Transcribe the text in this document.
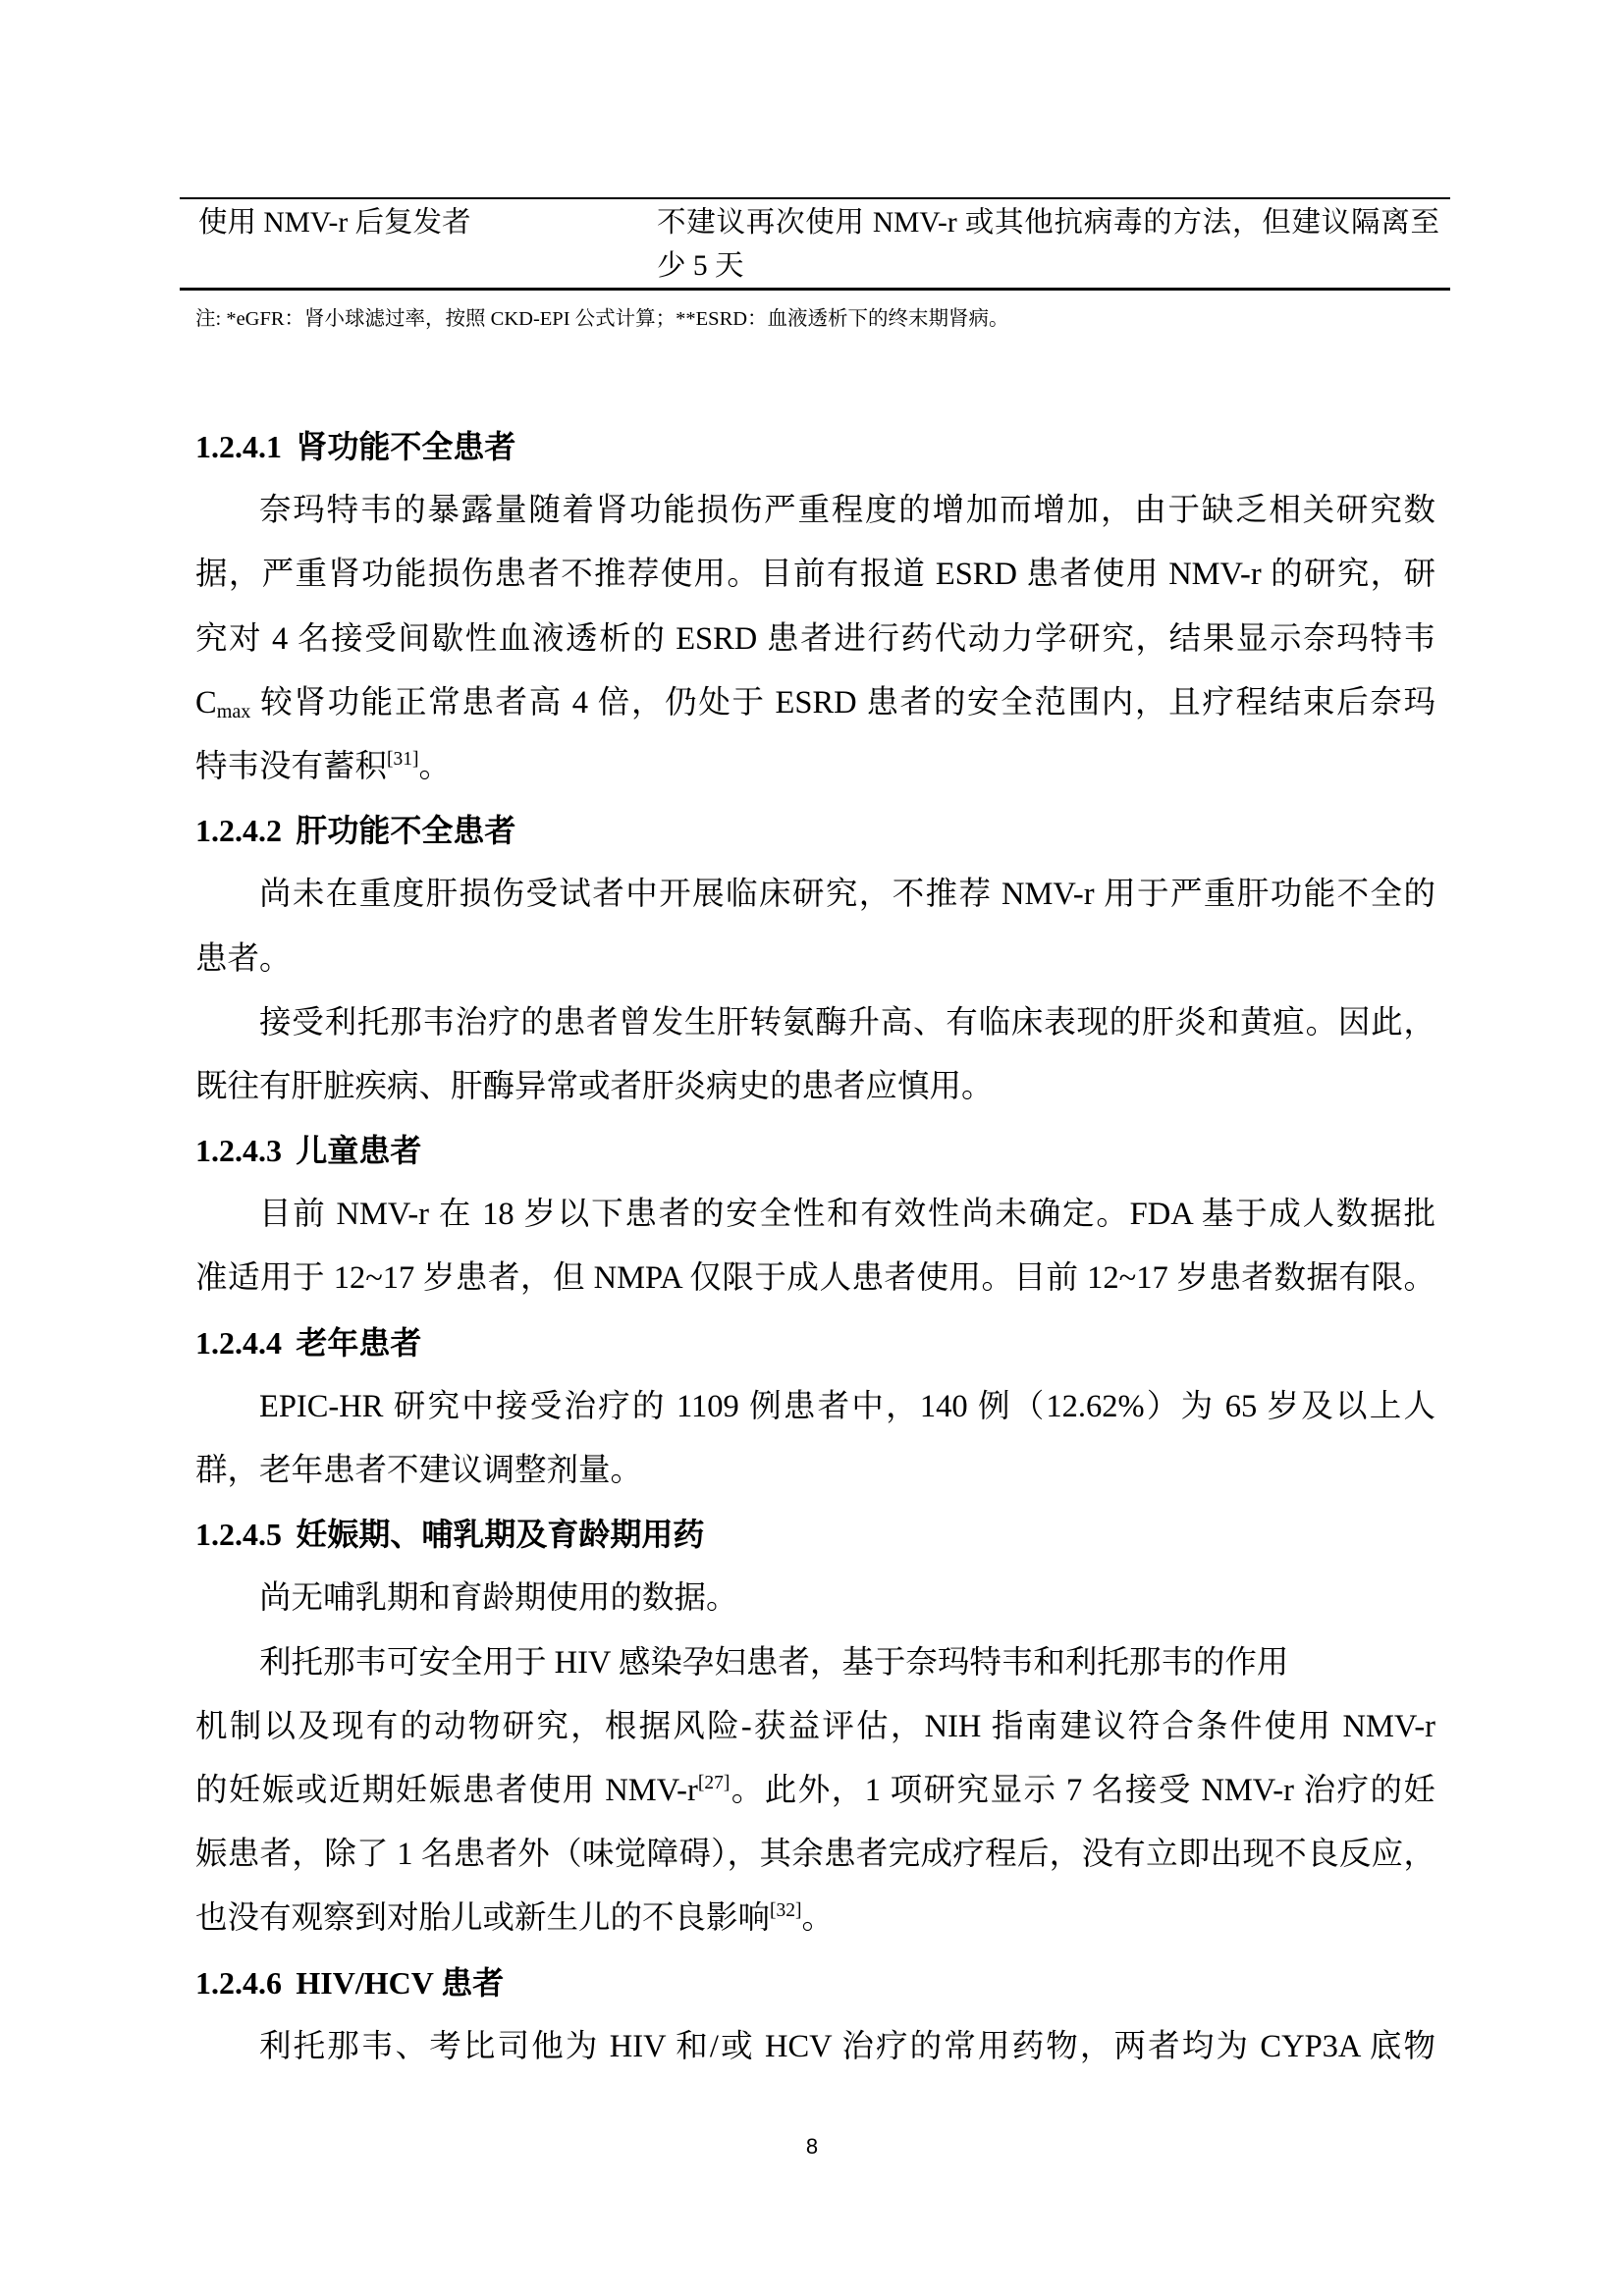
使用 NMV-r 后复发者	不建议再次使用 NMV-r 或其他抗病毒的方法，但建议隔离至
少 5 天
注: *eGFR：肾小球滤过率，按照 CKD-EPI 公式计算；**ESRD：血液透析下的终末期肾病。
1.2.4.1 肾功能不全患者
奈玛特韦的暴露量随着肾功能损伤严重程度的增加而增加，由于缺乏相关研究数
据，严重肾功能损伤患者不推荐使用。目前有报道 ESRD 患者使用 NMV-r 的研究，研
究对 4 名接受间歇性血液透析的 ESRD 患者进行药代动力学研究，结果显示奈玛特韦
Cmax 较肾功能正常患者高 4 倍，仍处于 ESRD 患者的安全范围内，且疗程结束后奈玛
特韦没有蓄积[31]。
1.2.4.2 肝功能不全患者
尚未在重度肝损伤受试者中开展临床研究，不推荐 NMV-r 用于严重肝功能不全的
患者。
接受利托那韦治疗的患者曾发生肝转氨酶升高、有临床表现的肝炎和黄疸。因此，
既往有肝脏疾病、肝酶异常或者肝炎病史的患者应慎用。
1.2.4.3 儿童患者
目前 NMV-r 在 18 岁以下患者的安全性和有效性尚未确定。FDA 基于成人数据批
准适用于 12~17 岁患者，但 NMPA 仅限于成人患者使用。目前 12~17 岁患者数据有限。
1.2.4.4 老年患者
EPIC-HR 研究中接受治疗的 1109 例患者中，140 例（12.62%）为 65 岁及以上人
群，老年患者不建议调整剂量。
1.2.4.5 妊娠期、哺乳期及育龄期用药
尚无哺乳期和育龄期使用的数据。
利托那韦可安全用于 HIV 感染孕妇患者，基于奈玛特韦和利托那韦的作用
机制以及现有的动物研究，根据风险-获益评估，NIH 指南建议符合条件使用 NMV-r
的妊娠或近期妊娠患者使用 NMV-r[27]。此外，1 项研究显示 7 名接受 NMV-r 治疗的妊
娠患者，除了 1 名患者外（味觉障碍），其余患者完成疗程后，没有立即出现不良反应，
也没有观察到对胎儿或新生儿的不良影响[32]。
1.2.4.6 HIV/HCV 患者
利托那韦、考比司他为 HIV 和/或 HCV 治疗的常用药物，两者均为 CYP3A 底物
8
